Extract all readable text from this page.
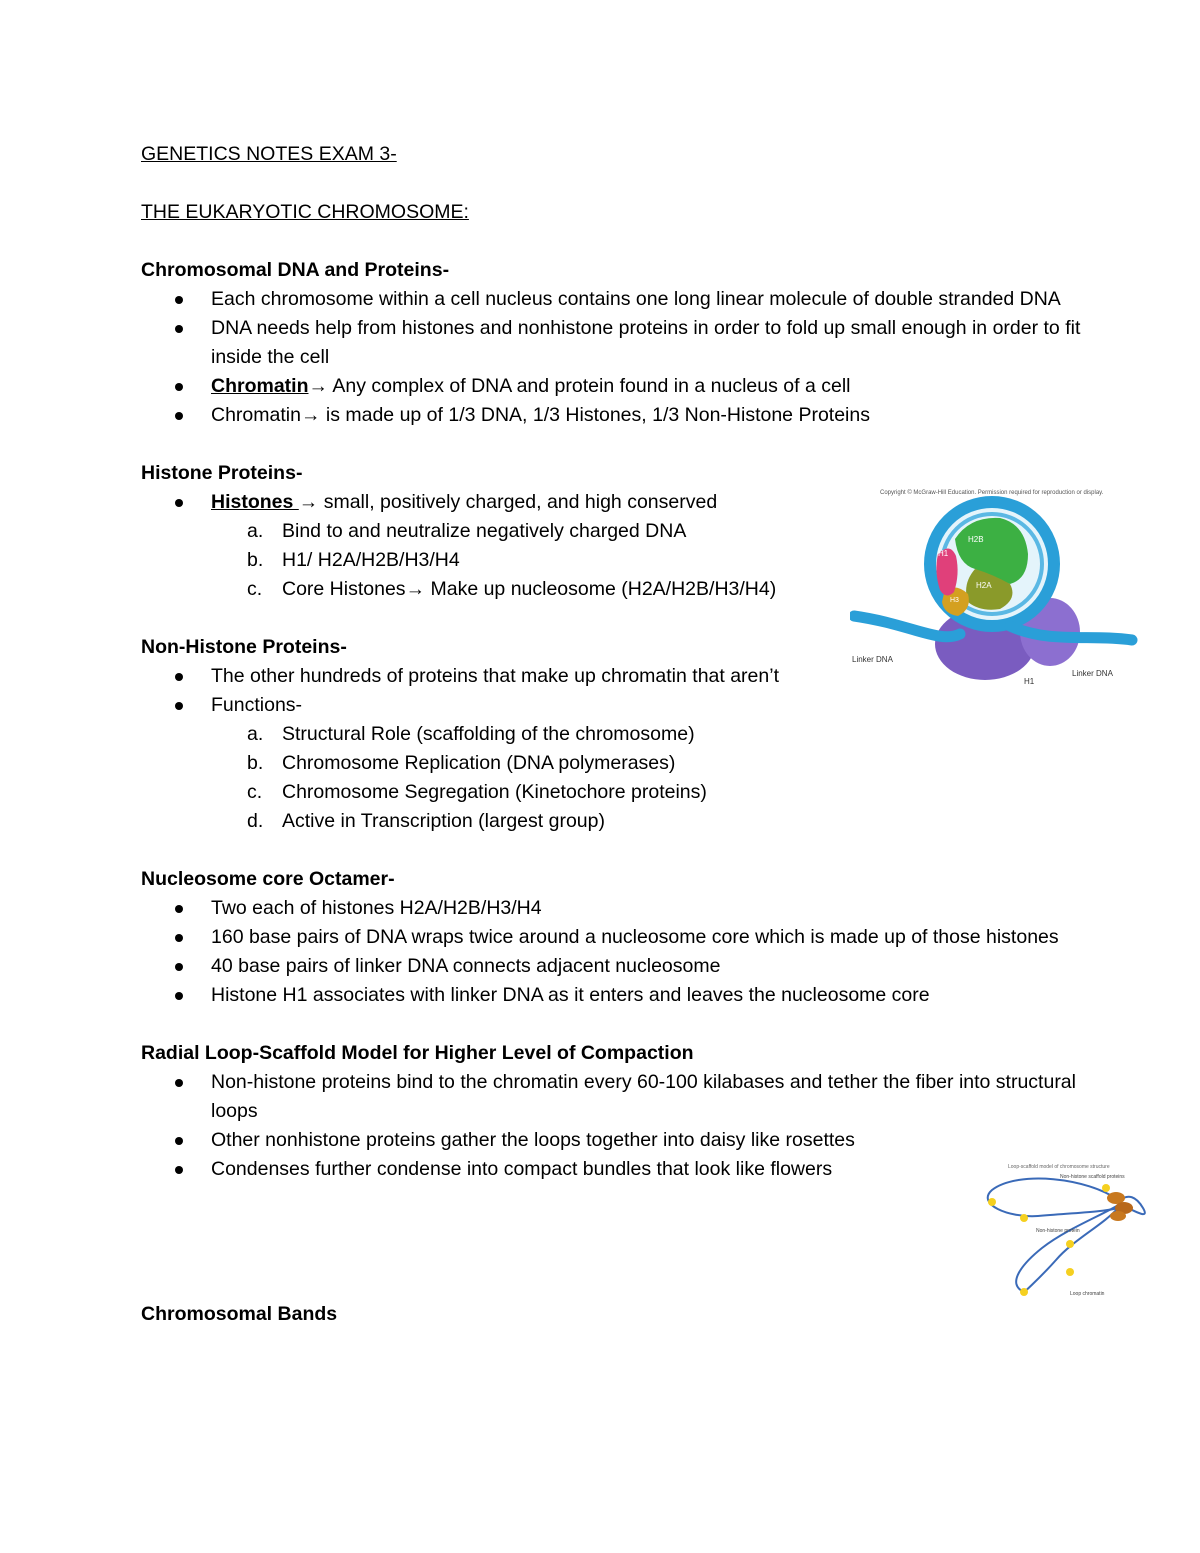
GENETICS NOTES EXAM 3-

THE EUKARYOTIC CHROMOSOME:

Chromosomal DNA and Proteins-

Each chromosome within a cell nucleus contains one long linear molecule of double stranded DNA
DNA needs help from histones and nonhistone proteins in order to fold up small enough in order to fit inside the cell
Chromatin→ Any complex of DNA and protein found in a nucleus of a cell
Chromatin→ is made up of 1/3 DNA, 1/3 Histones, 1/3 Non-Histone Proteins

Histone Proteins-

Histones → small, positively charged, and high conserved
a. Bind to and neutralize negatively charged DNA
b. H1/ H2A/H2B/H3/H4
c. Core Histones→ Make up nucleosome (H2A/H2B/H3/H4)

Non-Histone Proteins-

The other hundreds of proteins that make up chromatin that aren’t
Functions-
a. Structural Role (scaffolding of the chromosome)
b. Chromosome Replication (DNA polymerases)
c. Chromosome Segregation (Kinetochore proteins)
d. Active in Transcription (largest group)

Nucleosome core Octamer-

Two each of histones H2A/H2B/H3/H4
160 base pairs of DNA wraps twice around a nucleosome core which is made up of those histones
40 base pairs of linker DNA connects adjacent nucleosome
Histone H1 associates with linker DNA as it enters and leaves the nucleosome core

Radial Loop-Scaffold Model for Higher Level of Compaction

Non-histone proteins bind to the chromatin every 60-100 kilabases and tether the fiber into structural loops
Other nonhistone proteins gather the loops together into daisy like rosettes
Condenses further condense into compact bundles that look like flowers

Chromosomal Bands

Copyright © McGraw-Hill Education. Permission required for reproduction or display.
H2B
H1
H2A
H3
Linker DNA
Linker DNA
H1
Loop-scaffold model of chromosome structure
Non-histone scaffold proteins
Non-histone protein
Loop chromatin
